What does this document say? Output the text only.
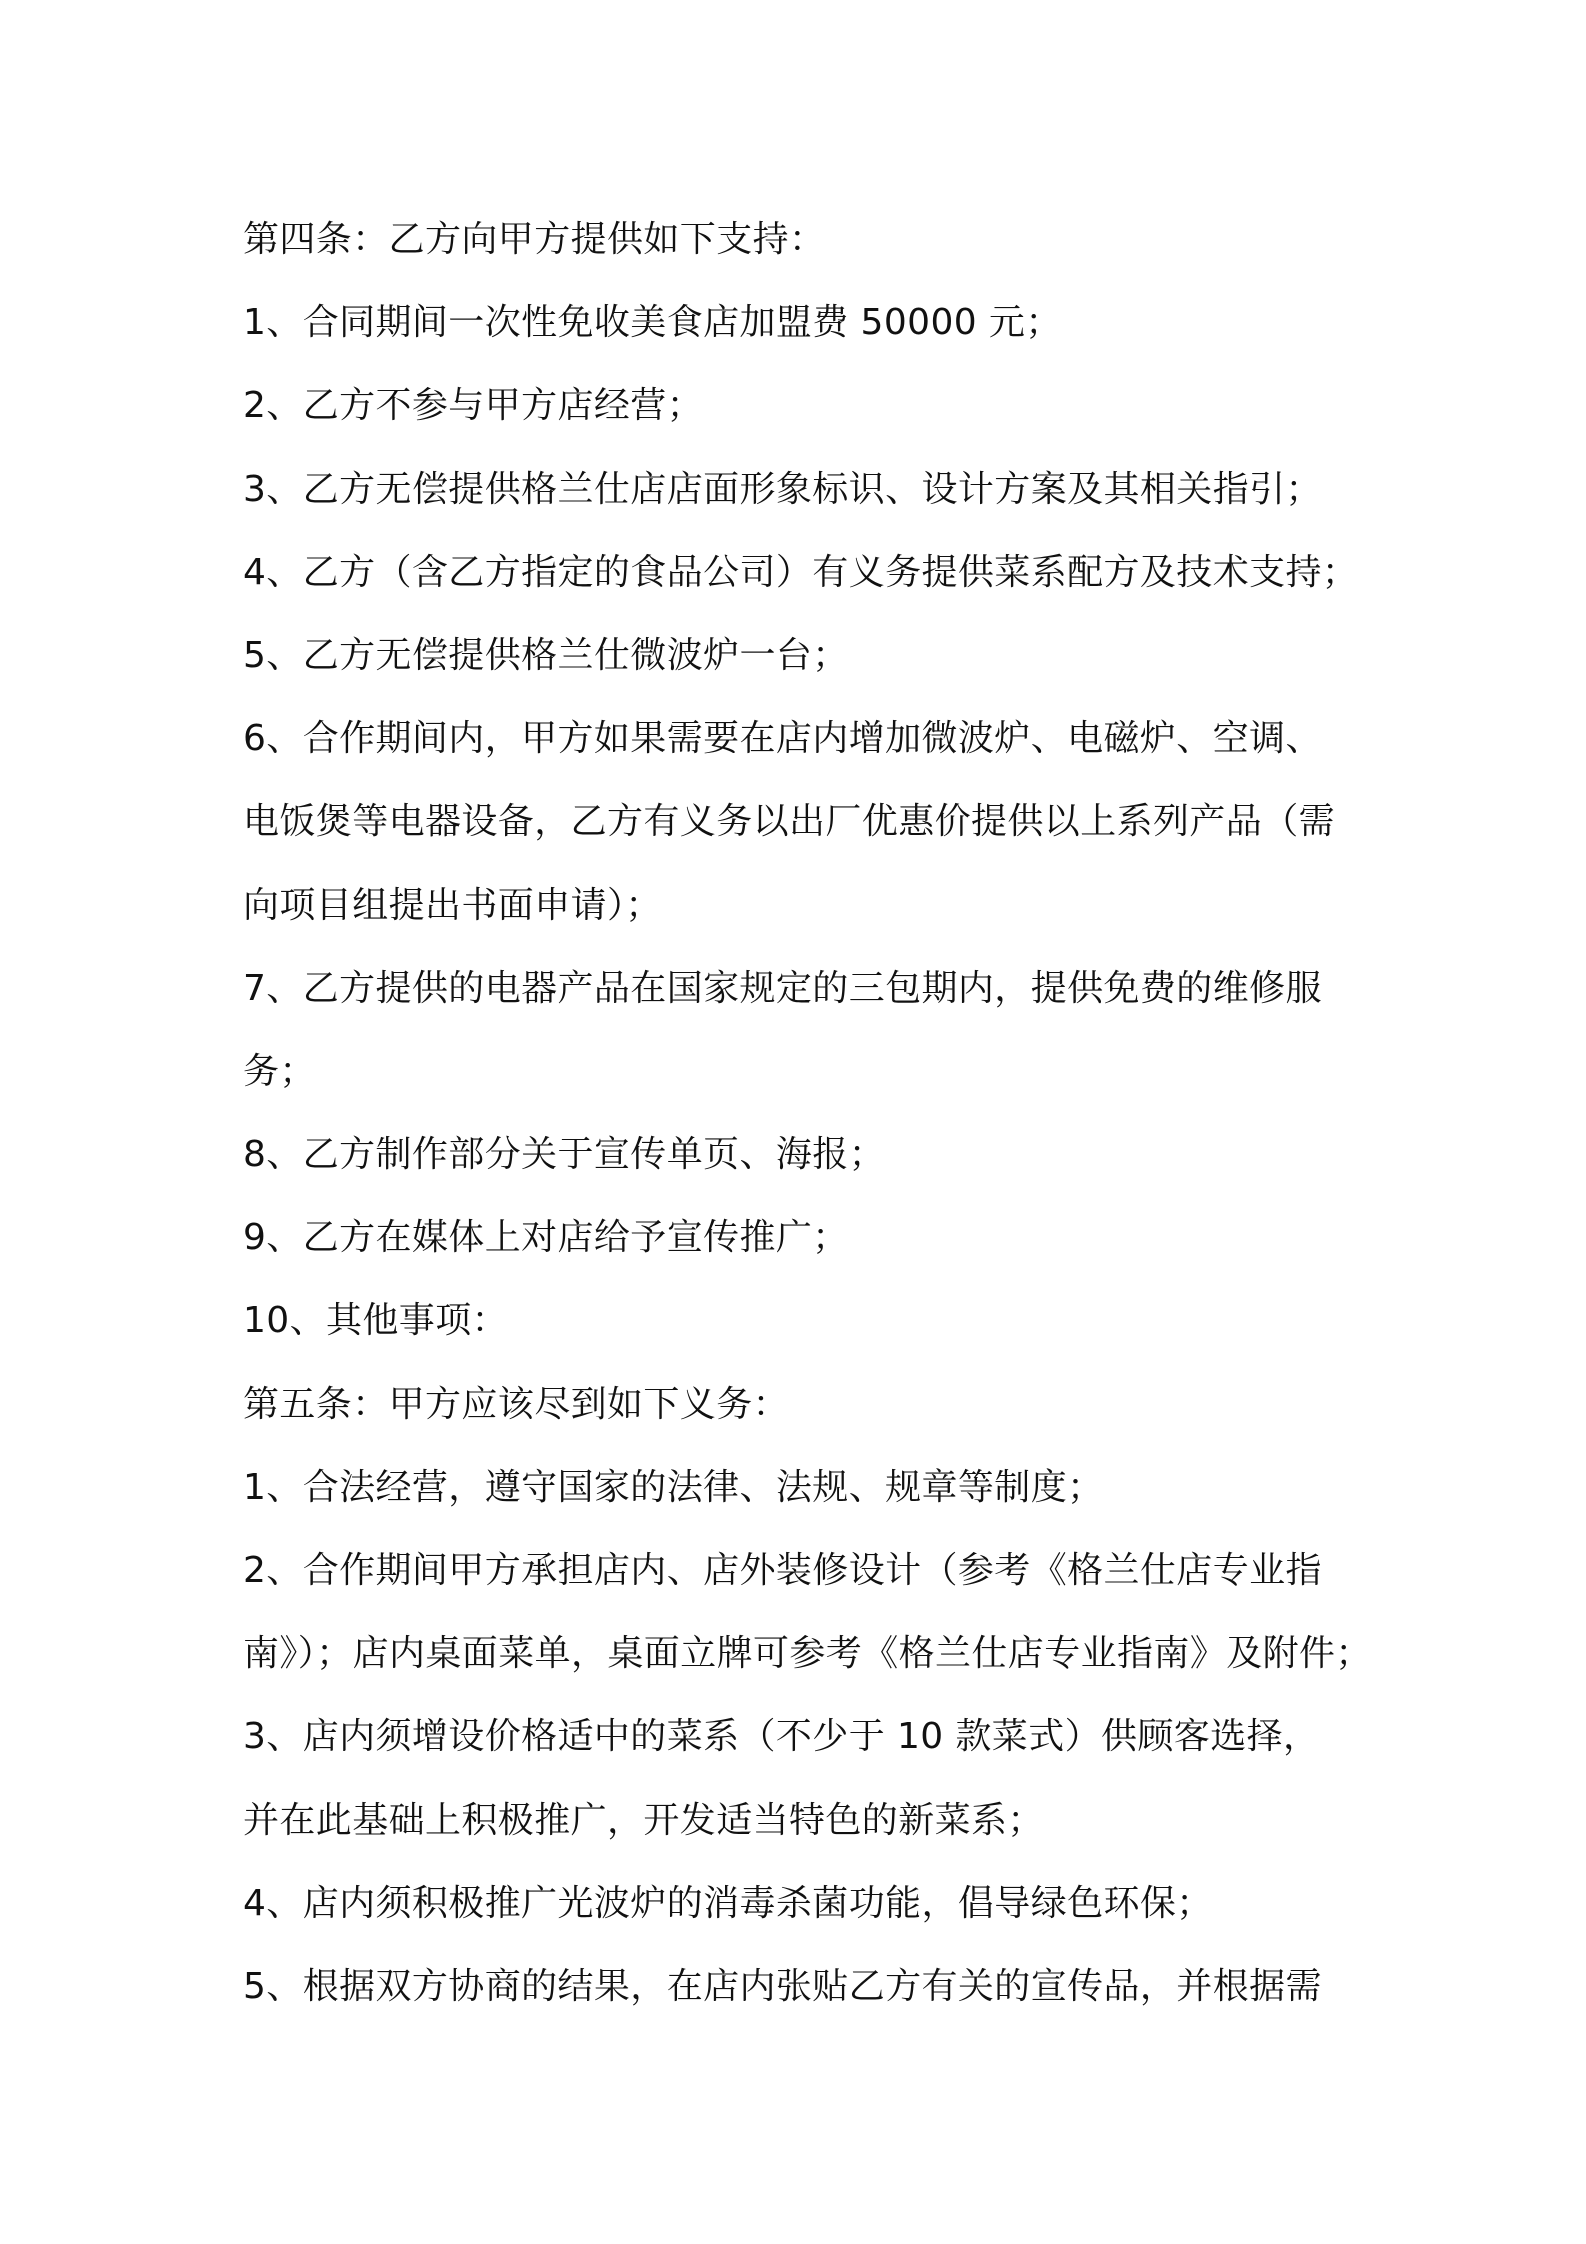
第四条：乙方向甲方提供如下支持：
1、合同期间一次性免收美食店加盟费 50000 元；
2、乙方不参与甲方店经营；
3、乙方无偿提供格兰仕店店面形象标识、设计方案及其相关指引；
4、乙方（含乙方指定的食品公司）有义务提供菜系配方及技术支持；
5、乙方无偿提供格兰仕微波炉一台；
6、合作期间内，甲方如果需要在店内增加微波炉、电磁炉、空调、
电饭煲等电器设备，乙方有义务以出厂优惠价提供以上系列产品（需
向项目组提出书面申请）；
7、乙方提供的电器产品在国家规定的三包期内，提供免费的维修服
务；
8、乙方制作部分关于宣传单页、海报；
9、乙方在媒体上对店给予宣传推广；
10、其他事项：
第五条：甲方应该尽到如下义务：
1、合法经营，遵守国家的法律、法规、规章等制度；
2、合作期间甲方承担店内、店外装修设计（参考《格兰仕店专业指
南》）；店内桌面菜单，桌面立牌可参考《格兰仕店专业指南》及附件；
3、店内须增设价格适中的菜系（不少于 10 款菜式）供顾客选择，
并在此基础上积极推广，开发适当特色的新菜系；
4、店内须积极推广光波炉的消毒杀菌功能，倡导绿色环保；
5、根据双方协商的结果，在店内张贴乙方有关的宣传品，并根据需
